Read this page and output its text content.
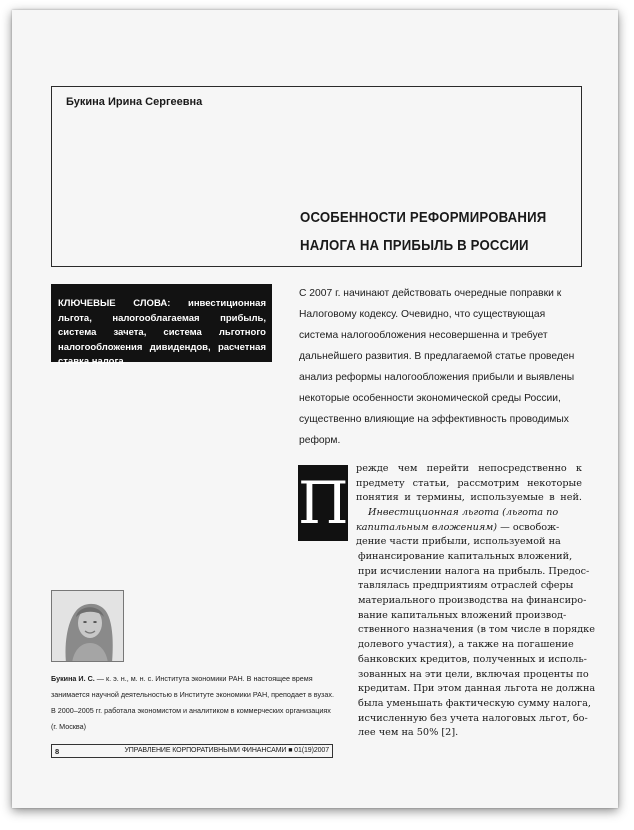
Букина Ирина Сергеевна
ОСОБЕННОСТИ РЕФОРМИРОВАНИЯ
НАЛОГА НА ПРИБЫЛЬ В РОССИИ
КЛЮЧЕВЫЕ СЛОВА: инвестиционная льгота, налогооблагаемая прибыль, система зачета, система льготного налогообложения дивидендов, расчетная ставка налога

С 2007 г. начинают действовать очередные поправки к Налоговому кодексу. Очевидно, что существующая система налогообложения несовершенна и требует дальнейшего развития. В предлагаемой статье проведен анализ реформы налогообложения прибыли и выявлены некоторые особенности экономической среды России, существенно влияющие на эффективность проводимых реформ.

П
режде чем перейти непосредственно к
предмету статьи, рассмотрим некоторые
понятия и термины, используемые в ней.
Инвестиционная льгота (льгота по
капитальным вложениям) — освобож-
дение части прибыли, используемой на
финансирование капитальных вложений,
при исчислении налога на прибыль. Предос-
тавлялась предприятиям отраслей сферы
материального производства на финансиро-
вание капитальных вложений производ-
ственного назначения (в том числе в порядке
долевого участия), а также на погашение
банковских кредитов, полученных и исполь-
зованных на эти цели, включая проценты по
кредитам. При этом данная льгота не должна
была уменьшать фактическую сумму налога,
исчисленную без учета налоговых льгот, бо-
лее чем на 50% [2].
Букина И. С. — к. э. н., м. н. с. Института экономики РАН. В настоящее время занимается научной деятельностью в Институте экономики РАН, преподает в вузах. В 2000–2005 гг. работала экономистом и аналитиком в коммерческих организациях (г. Москва)
8	УПРАВЛЕНИЕ КОРПОРАТИВНЫМИ ФИНАНСАМИ ■ 01(19)2007
